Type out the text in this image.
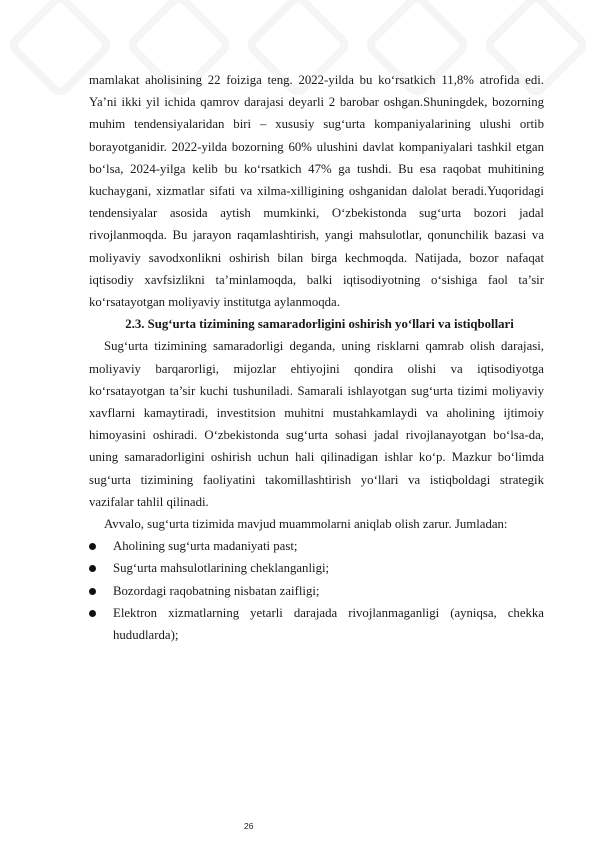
mamlakat aholisining 22 foiziga teng. 2022-yilda bu ko‘rsatkich 11,8% atrofida edi. Ya’ni ikki yil ichida qamrov darajasi deyarli 2 barobar oshgan.Shuningdek, bozorning muhim tendensiyalaridan biri – xususiy sug‘urta kompaniyalarining ulushi ortib borayotganidir. 2022-yilda bozorning 60% ulushini davlat kompaniyalari tashkil etgan bo‘lsa, 2024-yilga kelib bu ko‘rsatkich 47% ga tushdi. Bu esa raqobat muhitining kuchaygani, xizmatlar sifati va xilma-xilligining oshganidan dalolat beradi.Yuqoridagi tendensiyalar asosida aytish mumkinki, O‘zbekistonda sug‘urta bozori jadal rivojlanmoqda. Bu jarayon raqamlashtirish, yangi mahsulotlar, qonunchilik bazasi va moliyaviy savodxonlikni oshirish bilan birga kechmoqda. Natijada, bozor nafaqat iqtisodiy xavfsizlikni ta’minlamoqda, balki iqtisodiyotning o‘sishiga faol ta’sir ko‘rsatayotgan moliyaviy institutga aylanmoqda.

2.3. Sug‘urta tizimining samaradorligini oshirish yo‘llari va istiqbollari

Sug‘urta tizimining samaradorligi deganda, uning risklarni qamrab olish darajasi, moliyaviy barqarorligi, mijozlar ehtiyojini qondira olishi va iqtisodiyotga ko‘rsatayotgan ta’sir kuchi tushuniladi. Samarali ishlayotgan sug‘urta tizimi moliyaviy xavflarni kamaytiradi, investitsion muhitni mustahkamlaydi va aholining ijtimoiy himoyasini oshiradi. O‘zbekistonda sug‘urta sohasi jadal rivojlanayotgan bo‘lsa-da, uning samaradorligini oshirish uchun hali qilinadigan ishlar ko‘p. Mazkur bo‘limda sug‘urta tizimining faoliyatini takomillashtirish yo‘llari va istiqboldagi strategik vazifalar tahlil qilinadi.

Avvalo, sug‘urta tizimida mavjud muammolarni aniqlab olish zarur. Jumladan:

Aholining sug‘urta madaniyati past;
Sug‘urta mahsulotlarining cheklanganligi;
Bozordagi raqobatning nisbatan zaifligi;
Elektron xizmatlarning yetarli darajada rivojlanmaganligi (ayniqsa, chekka hududlarda);
26
